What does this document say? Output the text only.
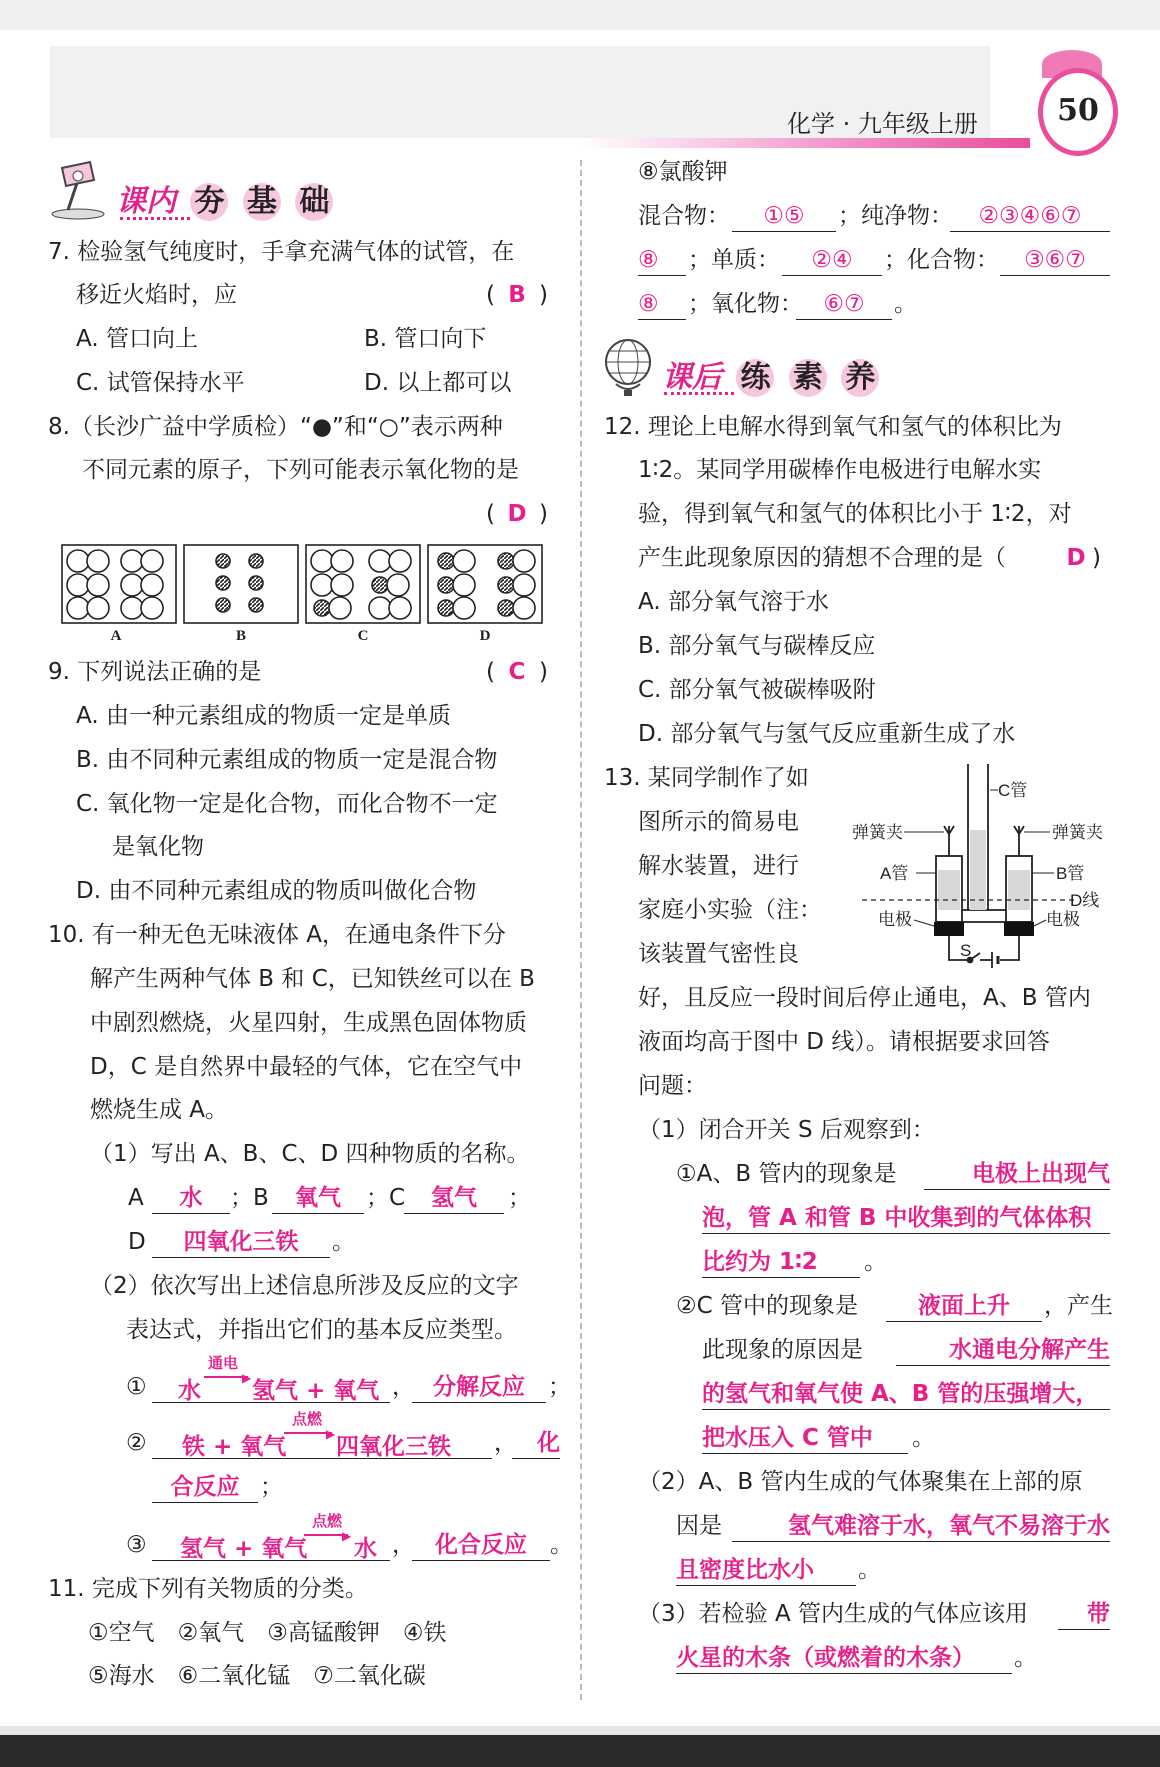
化学 · 九年级上册	50
课内 夯 基 础
7. 检验氢气纯度时，手拿充满气体的试管，在
移近火焰时，应	( B )
A. 管口向上	B. 管口向下
C. 试管保持水平	D. 以上都可以
8.（长沙广益中学质检）“●”和“○”表示两种
不同元素的原子，下列可能表示氧化物的是
( D )
A	B	C	D
9. 下列说法正确的是	( C )
A. 由一种元素组成的物质一定是单质
B. 由不同种元素组成的物质一定是混合物
C. 氧化物一定是化合物，而化合物不一定
是氧化物
D. 由不同种元素组成的物质叫做化合物
10. 有一种无色无味液体 A，在通电条件下分
解产生两种气体 B 和 C，已知铁丝可以在 B
中剧烈燃烧，火星四射，生成黑色固体物质
D，C 是自然界中最轻的气体，它在空气中
燃烧生成 A。
（1）写出 A、B、C、D 四种物质的名称。
A	水	；B	氧气	；C	氢气	；
D	四氧化三铁	。
（2）依次写出上述信息所涉及反应的文字
表达式，并指出它们的基本反应类型。
① 水
通电
▶ 氢气 + 氧气 ， 分解反应	；
② 铁 + 氧气
点燃
▶ 四氧化三铁 ， 化
合反应 ；
③ 氢气 + 氧气
点燃
▶ 水 ， 化合反应	。
11. 完成下列有关物质的分类。
①空气　②氧气　③高锰酸钾　④铁
⑤海水　⑥二氧化锰　⑦二氧化碳
⑧氯酸钾
混合物：	①⑤	；纯净物：	②③④⑥⑦
⑧	；单质：	②④	；化合物：	③⑥⑦
⑧	；氧化物： ⑥⑦	。
课后 练 素 养
12. 理论上电解水得到氧气和氢气的体积比为
1∶2。某同学用碳棒作电极进行电解水实
验，得到氧气和氢气的体积比小于 1∶2，对
产生此现象原因的猜想不合理的是（	D )
A. 部分氧气溶于水
B. 部分氧气与碳棒反应
C. 部分氧气被碳棒吸附
D. 部分氧气与氢气反应重新生成了水
13. 某同学制作了如
图所示的简易电
解水装置，进行
家庭小实验（注：
该装置气密性良
C管
弹簧夹	弹簧夹
A管	B管
D线
电极	电极
S
好，且反应一段时间后停止通电，A、B 管内
液面均高于图中 D 线）。请根据要求回答
问题：
（1）闭合开关 S 后观察到：
①A、B 管内的现象是	电极上出现气
泡，管 A 和管 B 中收集到的气体体积
比约为 1∶2	。
②C 管中的现象是	液面上升	，产生
此现象的原因是	水通电分解产生
的氢气和氧气使 A、B 管的压强增大，
把水压入 C 管中	。
（2）A、B 管内生成的气体聚集在上部的原
因是	氢气难溶于水，氧气不易溶于水
且密度比水小	。
（3）若检验 A 管内生成的气体应该用	带
火星的木条（或燃着的木条）	。
